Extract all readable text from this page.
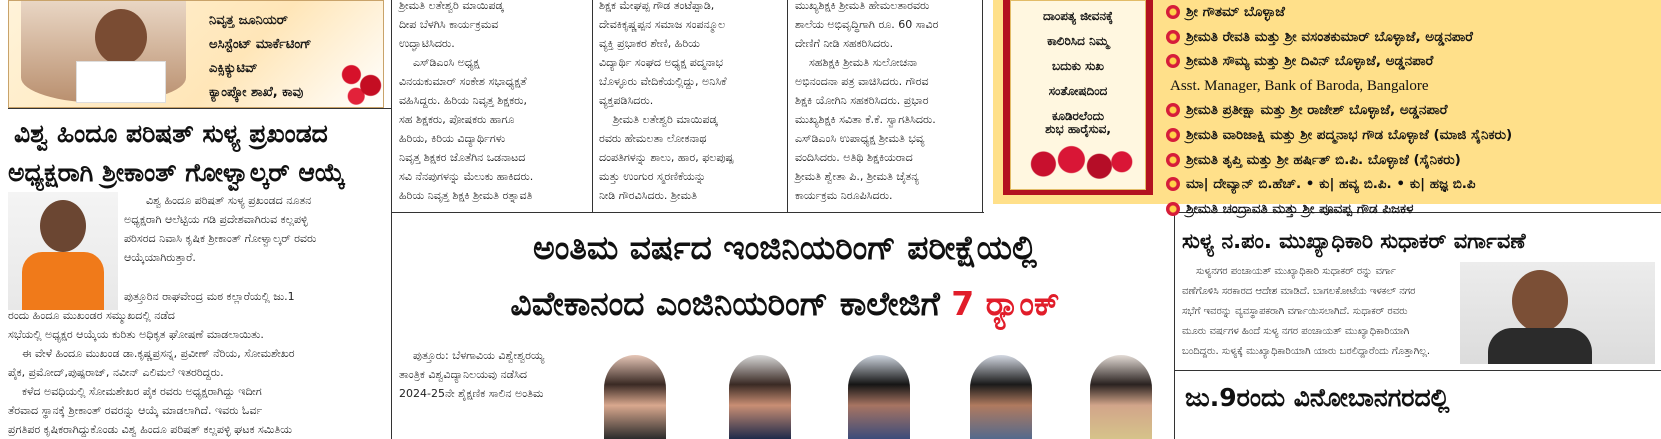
ನಿವೃತ್ತ ಜೂನಿಯರ್
ಅಸಿಸ್ಟೆಂಟ್ ಮಾರ್ಕೆಟಿಂಗ್
ಎಕ್ಸಿಕ್ಯುಟಿವ್
ಕ್ಯಾಂಪ್ಕೋ ಶಾಖೆ, ಕಾವು
ವಿಶ್ವ ಹಿಂದೂ ಪರಿಷತ್ ಸುಳ್ಯ ಪ್ರಖಂಡದ
ಅಧ್ಯಕ್ಷರಾಗಿ ಶ್ರೀಕಾಂತ್ ಗೋಳ್ವಾಲ್ಕರ್ ಆಯ್ಕೆ
ವಿಶ್ವ ಹಿಂದೂ ಪರಿಷತ್ ಸುಳ್ಯ ಪ್ರಖಂಡದ ನೂತನ
ಅಧ್ಯಕ್ಷರಾಗಿ ಆಲೆಟ್ಟಿಯ ಗಡಿ ಪ್ರದೇಶವಾಗಿರುವ ಕಲ್ಲಪಳ್ಳಿ
ಪರಿಸರದ ನಿವಾಸಿ ಕೃಷಿಕ ಶ್ರೀಕಾಂತ್ ಗೋಳ್ವಾಲ್ಕರ್ ರವರು
ಆಯ್ಕೆಯಾಗಿರುತ್ತಾರೆ.
ಪುತ್ತೂರಿನ ರಾಘವೇಂದ್ರ ಮಠ ಕಲ್ಲಾರೆಯಲ್ಲಿ ಜು.1
ರಂದು ಹಿಂದೂ ಮುಖಂಡರ ಸಮ್ಮುಖದಲ್ಲಿ ನಡೆದ
ಸಭೆಯಲ್ಲಿ ಅಧ್ಯಕ್ಷರ ಆಯ್ಕೆಯ ಕುರಿತು ಅಧಿಕೃತ ಘೋಷಣೆ ಮಾಡಲಾಯಿತು.
ಈ ವೇಳೆ ಹಿಂದೂ ಮುಖಂಡ ಡಾ.ಕೃಷ್ಣಪ್ರಸನ್ನ, ಪ್ರವೀಣ್ ನೆರಿಯ, ಸೋಮಶೇಖರ
ಪೈಕ, ಪ್ರಮೋದ್,ಪುಷ್ಪರಾಜ್, ನವೀನ್ ಎಲಿಮಲೆ ಇತರರಿದ್ದರು.
ಕಳೆದ ಅವಧಿಯಲ್ಲಿ ಸೋಮಶೇಖರ ಪೈಕ ರವರು ಅಧ್ಯಕ್ಷರಾಗಿದ್ದು ಇದೀಗ
ತೆರವಾದ ಸ್ಥಾನಕ್ಕೆ ಶ್ರೀಕಾಂತ್ ರವರನ್ನು ಆಯ್ಕೆ ಮಾಡಲಾಗಿದೆ. ಇವರು ಓರ್ವ
ಪ್ರಗತಿಪರ ಕೃಷಿಕರಾಗಿದ್ದುಕೊಂಡು ವಿಶ್ವ ಹಿಂದೂ ಪರಿಷತ್ ಕಲ್ಲಪಳ್ಳಿ ಘಟಕ ಸಮಿತಿಯ
ಶ್ರೀಮತಿ ಲತೇಶ್ವರಿ ಮಾಯಿಪಡ್ಕ
ದೀಪ ಬೆಳಗಿಸಿ ಕಾರ್ಯಕ್ರಮವ
ಉದ್ಘಾಟಿಸಿದರು.
ಎಸ್‌ಡಿಎಂಸಿ ಅಧ್ಯಕ್ಷ
ವಿನಯಕುಮಾರ್ ಸಂಕೇಶ ಸಭಾಧ್ಯಕ್ಷತೆ
ವಹಿಸಿದ್ದರು. ಹಿರಿಯ ನಿವೃತ್ತ ಶಿಕ್ಷಕರು,
ಸಹ ಶಿಕ್ಷಕರು, ಪೋಷಕರು ಹಾಗೂ
ಹಿರಿಯ, ಕಿರಿಯ ವಿದ್ಯಾರ್ಥಿಗಳು
ನಿವೃತ್ತ ಶಿಕ್ಷಕರ ಜೊತೆಗಿನ ಒಡನಾಟದ
ಸವಿ ನೆನಪುಗಳನ್ನು ಮೆಲುಕು ಹಾಕಿದರು.
ಹಿರಿಯ ನಿವೃತ್ತ ಶಿಕ್ಷಕಿ ಶ್ರೀಮತಿ ರತ್ನಾವತಿ
ಶಿಕ್ಷಕ ಮೇಘಪ್ಪ ಗೌಡ ತಂಟೆಪ್ಪಾಡಿ,
ದೇವಕಿಕೃಷ್ಣಪ್ಪನ ಸಮಾಜ ಸಂಪನ್ಮೂಲ
ವ್ಯಕ್ತಿ ಪ್ರಭಾಕರ ಶೇಣಿ, ಹಿರಿಯ
ವಿದ್ಯಾರ್ಥಿ ಸಂಘದ ಅಧ್ಯಕ್ಷ ಪದ್ಮನಾಭ
ಬೊಳ್ಳೂರು ವೇದಿಕೆಯಲ್ಲಿದ್ದು, ಅನಿಸಿಕೆ
ವ್ಯಕ್ತಪಡಿಸಿದರು.
ಶ್ರೀಮತಿ ಲತೇಶ್ವರಿ ಮಾಯಿಪಡ್ಕ
ರವರು ಹೇಮಲತಾ ಲೋಕನಾಥ
ದಂಪತಿಗಳನ್ನು ಶಾಲು, ಹಾರ, ಫಲಪುಷ್ಪ
ಮತ್ತು ಉಂಗುರ ಸ್ಮರಣಿಕೆಯನ್ನು
ನೀಡಿ ಗೌರವಿಸಿದರು. ಶ್ರೀಮತಿ
ಮುಖ್ಯಶಿಕ್ಷಕಿ ಶ್ರೀಮತಿ ಹೇಮಲತಾರವರು
ಶಾಲೆಯ ಅಭಿವೃದ್ಧಿಗಾಗಿ ರೂ. 60 ಸಾವಿರ
ದೇಣಿಗೆ ನೀಡಿ ಸಹಕರಿಸಿದರು.
ಸಹಶಿಕ್ಷಕಿ ಶ್ರೀಮತಿ ಸುಲೋಚನಾ
ಅಭಿನಂದನಾ ಪತ್ರ ವಾಚಿಸಿದರು. ಗೌರವ
ಶಿಕ್ಷಕಿ ಯೋಗಿನಿ ಸಹಕರಿಸಿದರು. ಪ್ರಭಾರ
ಮುಖ್ಯಶಿಕ್ಷಕಿ ಸವಿತಾ ಕೆ.ಕೆ. ಸ್ವಾಗತಿಸಿದರು.
ಎಸ್‌ಡಿಎಂಸಿ ಉಪಾಧ್ಯಕ್ಷ ಶ್ರೀಮತಿ ಭವ್ಯ
ವಂದಿಸಿದರು. ಅತಿಥಿ ಶಿಕ್ಷಕಿಯರಾದ
ಶ್ರೀಮತಿ ಶ್ವೇತಾ ಪಿ., ಶ್ರೀಮತಿ ಚೈತನ್ಯ
ಕಾರ್ಯಕ್ರಮ ನಿರೂಪಿಸಿದರು.
ದಾಂಪತ್ಯ ಜೀವನಕ್ಕೆ
ಕಾಲಿರಿಸಿದ ನಿಮ್ಮ
ಬದುಕು ಸುಖ
ಸಂತೋಷದಿಂದ
ಕೂಡಿರಲೆಂದು
ಶ್ರೀ ಗೌತಮ್ ಬೊಳ್ಳಾಜೆ
ಶ್ರೀಮತಿ ರೇವತಿ ಮತ್ತು ಶ್ರೀ ವಸಂತಕುಮಾರ್ ಬೊಳ್ಳಾಜೆ, ಅಡ್ಡನಪಾರೆ
ಶ್ರೀಮತಿ ಸೌಮ್ಯ ಮತ್ತು ಶ್ರೀ ದಿವಿನ್ ಬೊಳ್ಳಾಜೆ, ಅಡ್ಡನಪಾರೆ
Asst. Manager, Bank of Baroda, Bangalore
ಶ್ರೀಮತಿ ಪ್ರತೀಕ್ಷಾ ಮತ್ತು ಶ್ರೀ ರಾಜೇಶ್ ಬೊಳ್ಳಾಜೆ, ಅಡ್ಡನಪಾರೆ
ಶ್ರೀಮತಿ ವಾರಿಜಾಕ್ಷಿ ಮತ್ತು ಶ್ರೀ ಪದ್ಮನಾಭ ಗೌಡ ಬೊಳ್ಳಾಜೆ (ಮಾಜಿ ಸೈನಿಕರು)
ಶ್ರೀಮತಿ ತೃಪ್ತಿ ಮತ್ತು ಶ್ರೀ ಹರ್ಷಿತ್ ಬಿ.ಪಿ. ಬೊಳ್ಳಾಜೆ (ಸೈನಿಕರು)
ಮಾ| ದೇವ್ಯಾನ್ ಬಿ.ಹೆಚ್. • ಕು| ಹವ್ಯ ಬಿ.ಪಿ. • ಕು| ಹಜ್ಞ ಬಿ.ಪಿ
ಶ್ರೀಮತಿ ಚಂದ್ರಾವತಿ ಮತ್ತು ಶ್ರೀ ಪೂವಪ್ಪ ಗೌಡ ಪಿಜಕಳ
ಶುಭ ಹಾರೈಸುವ,
ಅಂತಿಮ ವರ್ಷದ ಇಂಜಿನಿಯರಿಂಗ್ ಪರೀಕ್ಷೆಯಲ್ಲಿ
ವಿವೇಕಾನಂದ ಎಂಜಿನಿಯರಿಂಗ್ ಕಾಲೇಜಿಗೆ 7 ರ್‍ಯಾಂಕ್
ಪುತ್ತೂರು: ಬೆಳಗಾವಿಯ ವಿಶ್ವೇಶ್ವರಯ್ಯ
ತಾಂತ್ರಿಕ ವಿಶ್ವವಿದ್ಯಾನಿಲಯವು ನಡೆಸಿದ
2024-25ನೇ ಶೈಕ್ಷಣಿಕ ಸಾಲಿನ ಅಂತಿಮ
ಸುಳ್ಯ ನ.ಪಂ. ಮುಖ್ಯಾಧಿಕಾರಿ ಸುಧಾಕರ್ ವರ್ಗಾವಣೆ
ಸುಳ್ಯನಗರ ಪಂಚಾಯತ್ ಮುಖ್ಯಾಧಿಕಾರಿ ಸುಧಾಕರ್ ರನ್ನು ವರ್ಗಾ
ವಣೆಗೊಳಿಸಿ ಸರಕಾರದ ಆದೇಶ ಮಾಡಿದೆ. ಬಾಗಲಕೋಟೆಯ ಇಳಕಲ್ ನಗರ
ಸಭೆಗೆ ಇವರನ್ನು ವ್ಯವಸ್ಥಾಪಕರಾಗಿ ವರ್ಗಾಯಿಸಲಾಗಿದೆ. ಸುಧಾಕರ್ ರವರು
ಮೂರು ವರ್ಷಗಳ ಹಿಂದೆ ಸುಳ್ಯ ನಗರ ಪಂಚಾಯತ್ ಮುಖ್ಯಾಧಿಕಾರಿಯಾಗಿ
ಬಂದಿದ್ದರು. ಸುಳ್ಯಕ್ಕೆ ಮುಖ್ಯಾಧಿಕಾರಿಯಾಗಿ ಯಾರು ಬರಲಿದ್ದಾರೆಂದು ಗೊತ್ತಾಗಿಲ್ಲ.
ಜು.9ರಂದು ವಿನೋಬಾನಗರದಲ್ಲಿ
